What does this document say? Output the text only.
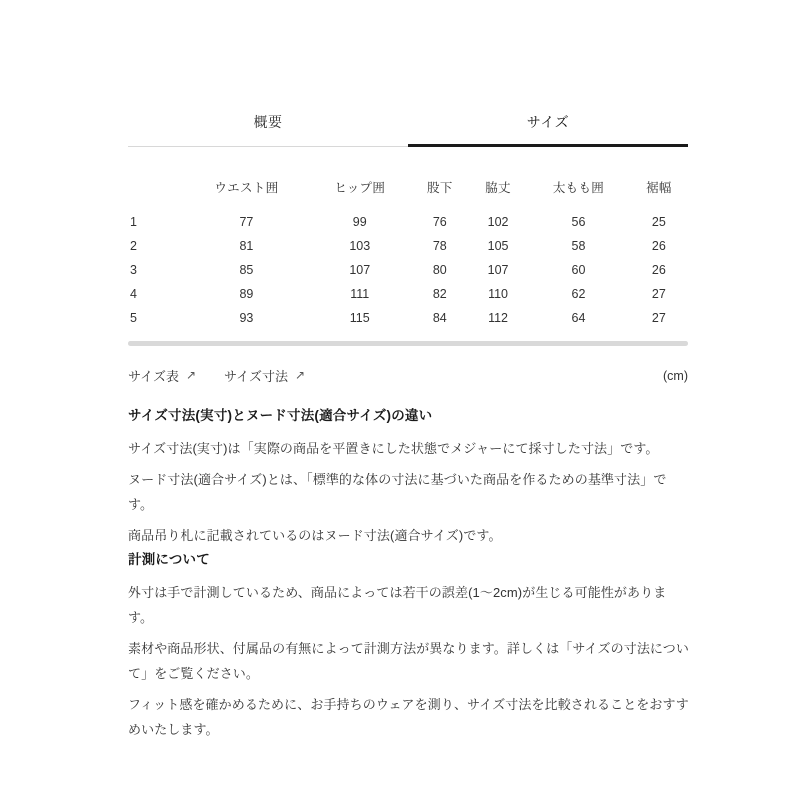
概要	サイズ
	ウエスト囲	ヒップ囲	股下	脇丈	太もも囲	裾幅
1	77	99	76	102	56	25
2	81	103	78	105	58	26
3	85	107	80	107	60	26
4	89	111	82	110	62	27
5	93	115	84	112	64	27
サイズ表 ↗ サイズ寸法 ↗	(cm)
サイズ寸法(実寸)とヌード寸法(適合サイズ)の違い

サイズ寸法(実寸)は「実際の商品を平置きにした状態でメジャーにて採寸した寸法」です。

ヌード寸法(適合サイズ)とは、「標準的な体の寸法に基づいた商品を作るための基準寸法」です。

商品吊り札に記載されているのはヌード寸法(適合サイズ)です。

計測について

外寸は手で計測しているため、商品によっては若干の誤差(1〜2cm)が生じる可能性があります。

素材や商品形状、付属品の有無によって計測方法が異なります。詳しくは「サイズの寸法について」をご覧ください。

フィット感を確かめるために、お手持ちのウェアを測り、サイズ寸法を比較されることをおすすめいたします。
